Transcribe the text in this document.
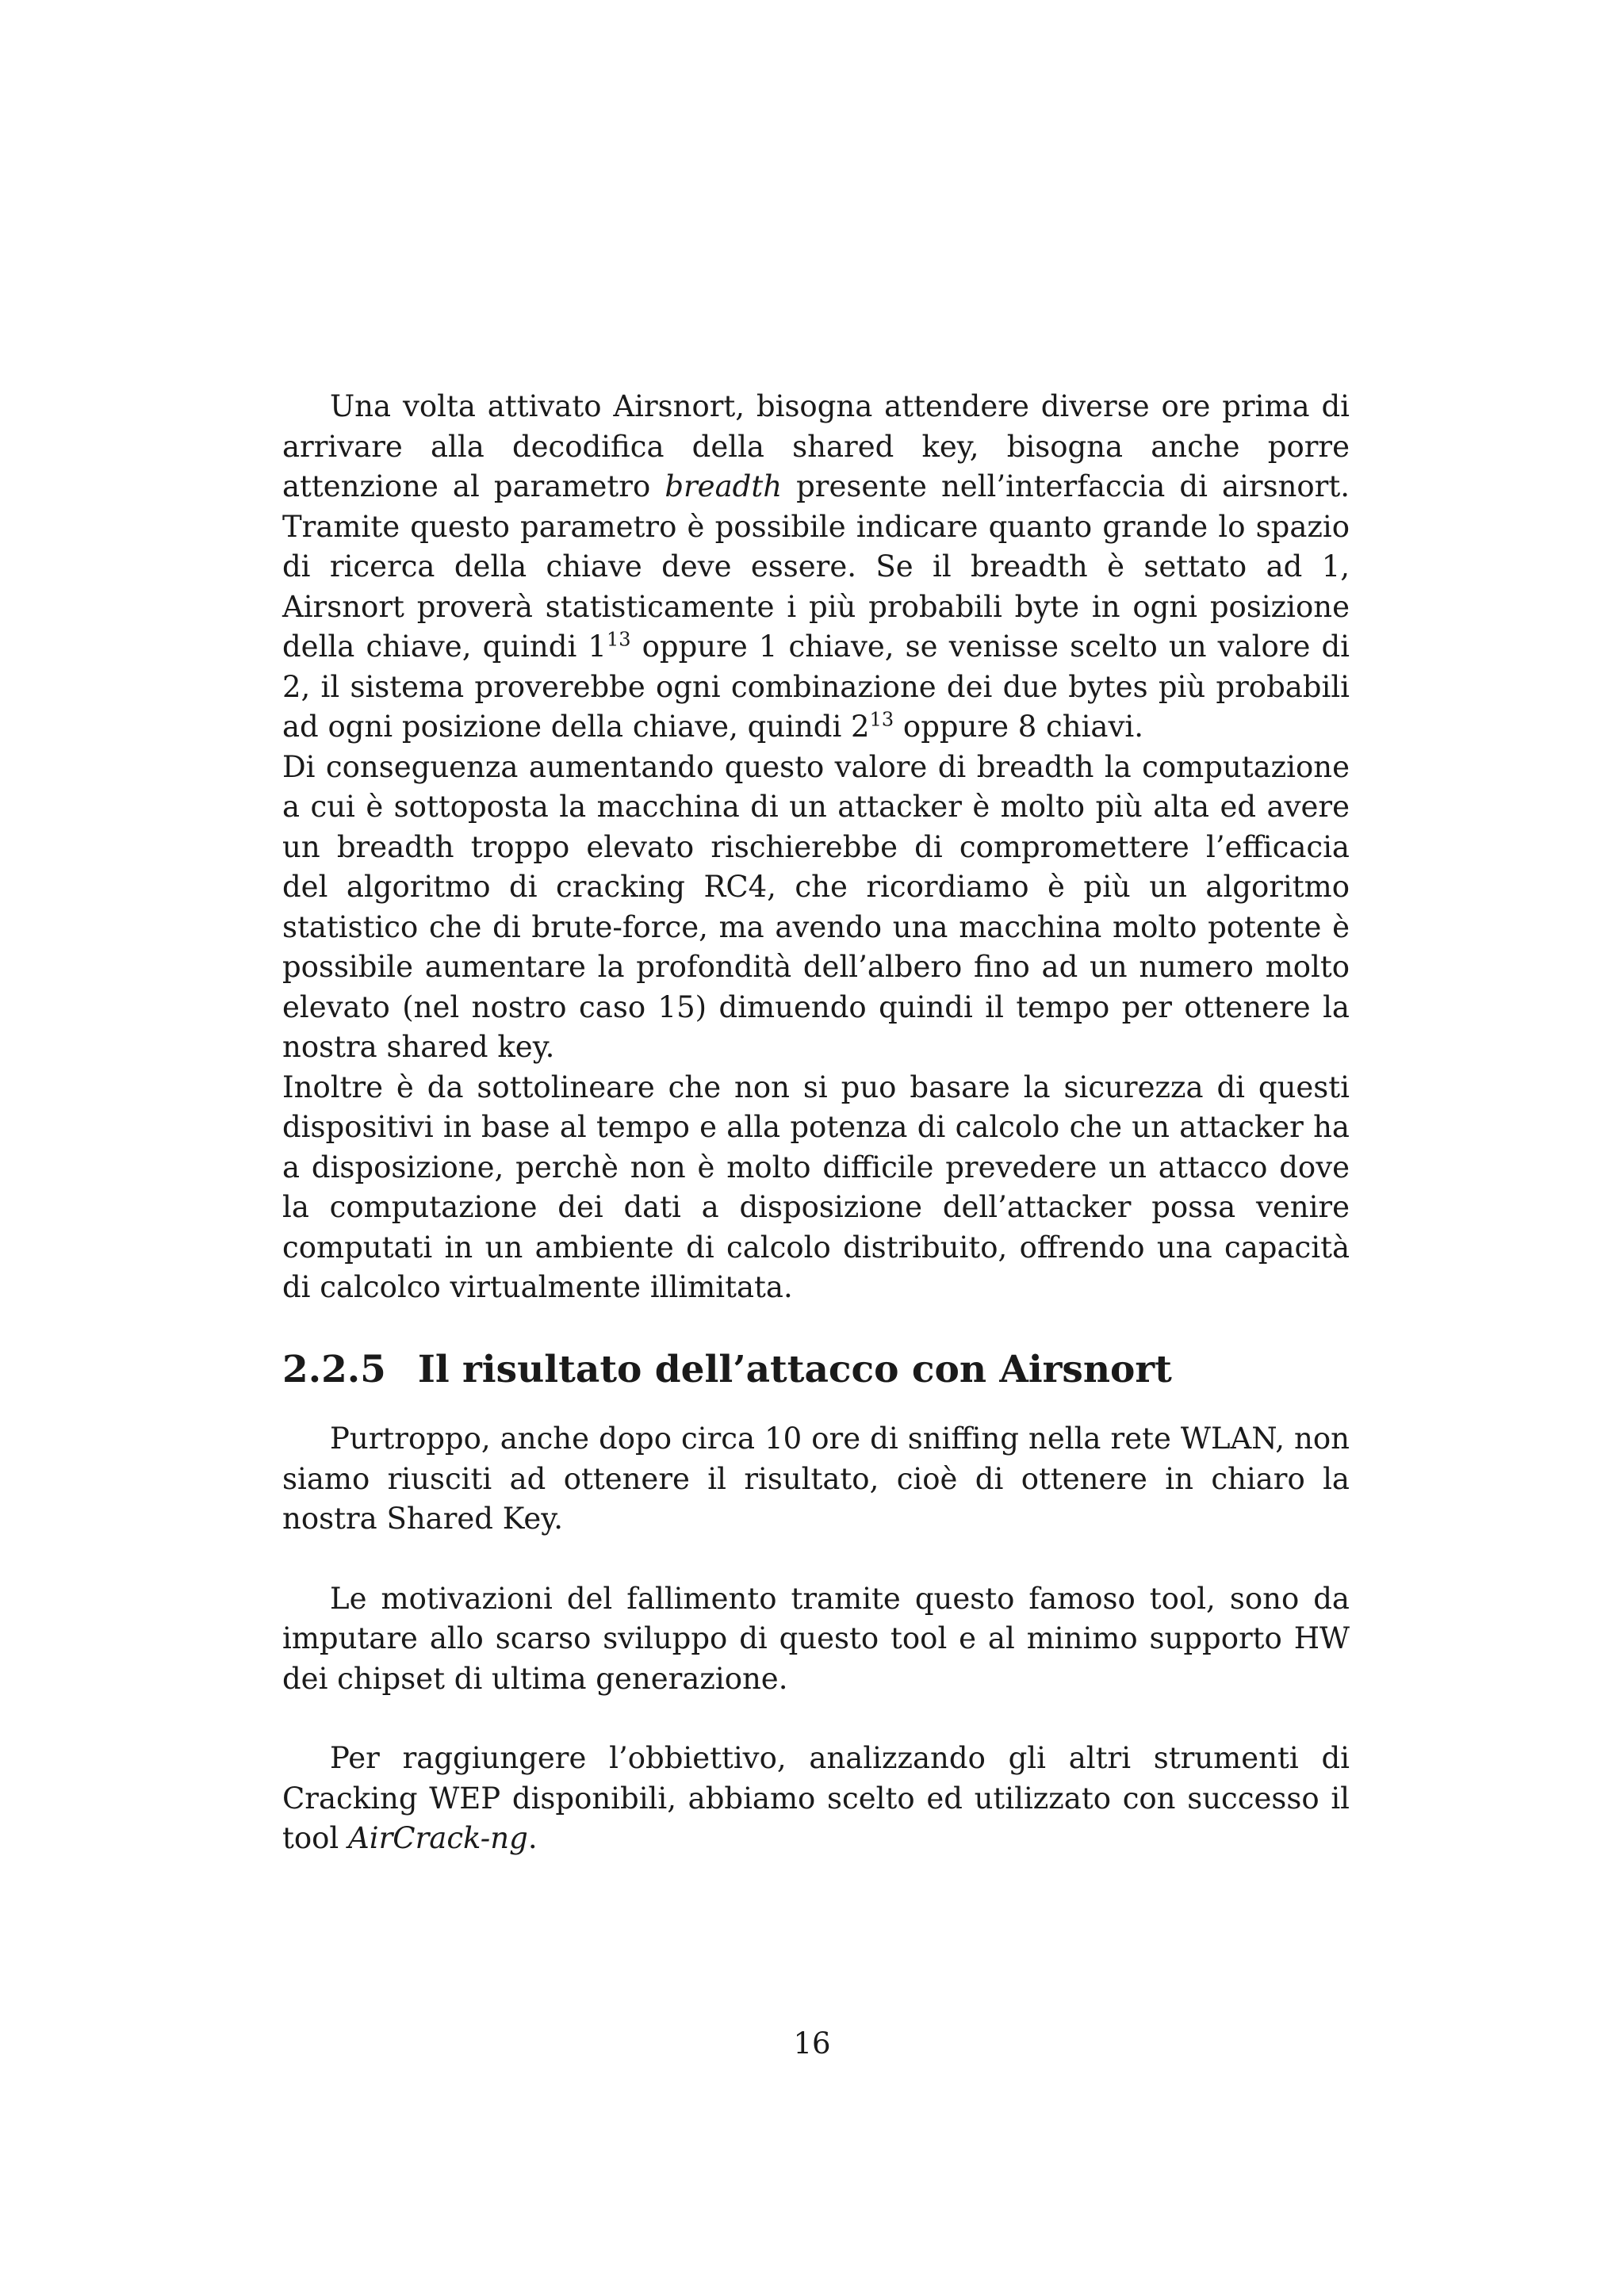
Una volta attivato Airsnort, bisogna attendere diverse ore prima di arrivare alla decodifica della shared key, bisogna anche porre attenzione al parametro breadth presente nell’interfaccia di airsnort. Tramite questo parametro è possibile indicare quanto grande lo spazio di ricerca della chiave deve essere. Se il breadth è settato ad 1, Airsnort proverà statisticamente i più probabili byte in ogni posizione della chiave, quindi $1^{13}$ oppure 1 chiave, se venisse scelto un valore di 2, il sistema proverebbe ogni combinazione dei due bytes più probabili ad ogni posizione della chiave, quindi $2^{13}$ oppure 8 chiavi.

Di conseguenza aumentando questo valore di breadth la computazione a cui è sottoposta la macchina di un attacker è molto più alta ed avere un breadth troppo elevato rischierebbe di compromettere l’efficacia del algoritmo di cracking RC4, che ricordiamo è più un algoritmo statistico che di brute-force, ma avendo una macchina molto potente è possibile aumentare la profondità dell’albero fino ad un numero molto elevato (nel nostro caso 15) dimuendo quindi il tempo per ottenere la nostra shared key.

Inoltre è da sottolineare che non si puo basare la sicurezza di questi dispositivi in base al tempo e alla potenza di calcolo che un attacker ha a disposizione, perchè non è molto difficile prevedere un attacco dove la computazione dei dati a disposizione dell’attacker possa venire computati in un ambiente di calcolo distribuito, offrendo una capacità di calcolco virtualmente illimitata.

2.2.5 Il risultato dell’attacco con Airsnort

Purtroppo, anche dopo circa 10 ore di sniffing nella rete WLAN, non siamo riusciti ad ottenere il risultato, cioè di ottenere in chiaro la nostra Shared Key.

Le motivazioni del fallimento tramite questo famoso tool, sono da imputare allo scarso sviluppo di questo tool e al minimo supporto HW dei chipset di ultima generazione.

Per raggiungere l’obbiettivo, analizzando gli altri strumenti di Cracking WEP disponibili, abbiamo scelto ed utilizzato con successo il tool AirCrack-ng.

16
